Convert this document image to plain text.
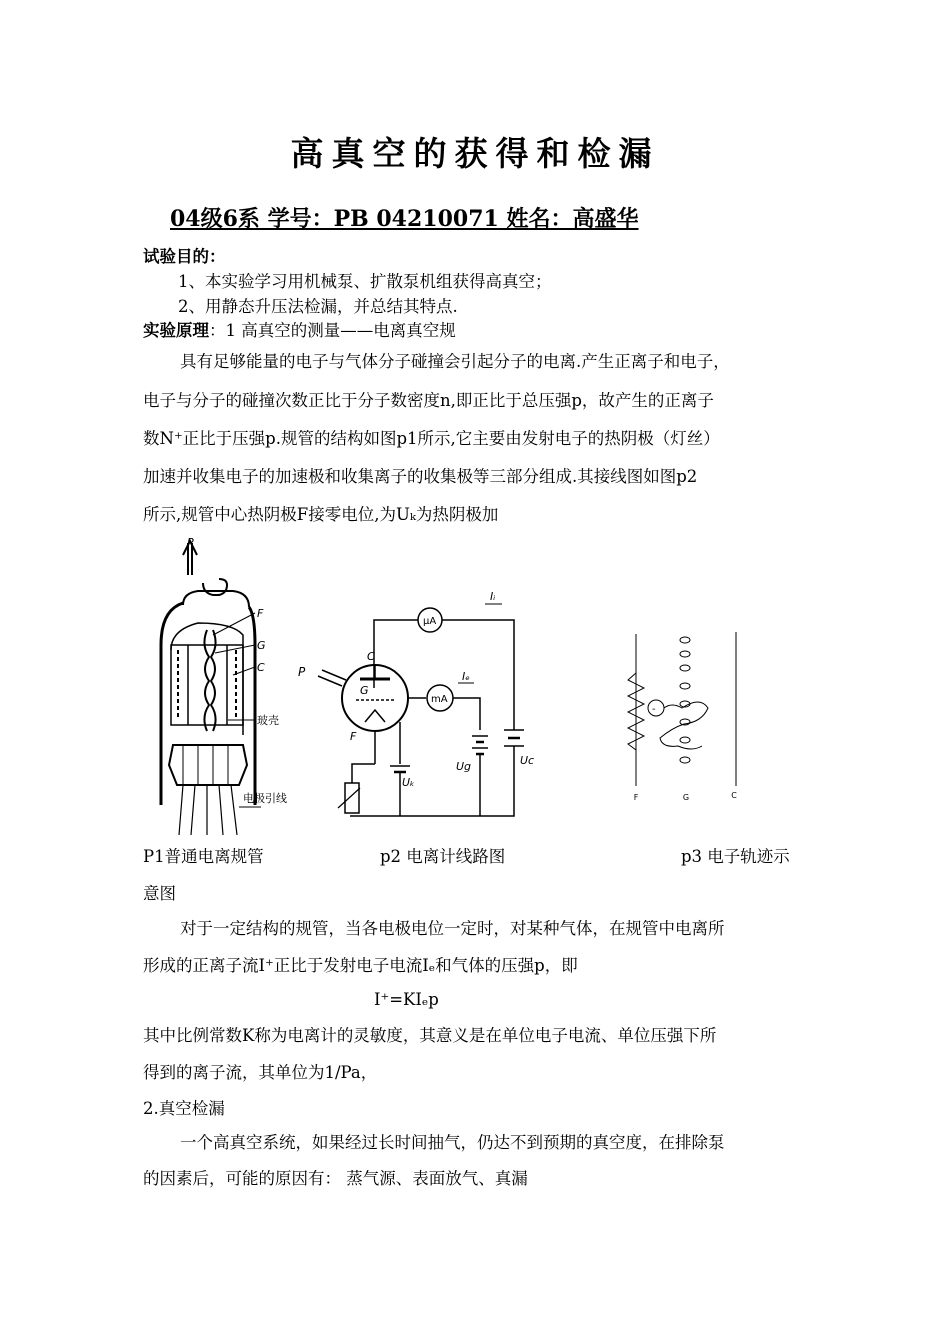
高真空的获得和检漏
04级6系 学号：PB 04210071 姓名：高盛华
试验目的：
1、本实验学习用机械泵、扩散泵机组获得高真空；
2、用静态升压法检漏，并总结其特点.
实验原理：1 高真空的测量——电离真空规
具有足够能量的电子与气体分子碰撞会引起分子的电离.产生正离子和电子，
电子与分子的碰撞次数正比于分子数密度n,即正比于总压强p，故产生的正离子
数N⁺正比于压强p.规管的结构如图p1所示,它主要由发射电子的热阴极（灯丝）
加速并收集电子的加速极和收集离子的收集极等三部分组成.其接线图如图p2
所示,规管中心热阴极F接零电位,为Uₖ为热阴极加
P
F
G
C
玻壳
电极引线
μA
mA
Iᵢ
Iₑ
P
C
G
F
Uₖ
Ug	Uc
-
F	G	C
P1普通电离规管	p2 电离计线路图	p3 电子轨迹示
意图
对于一定结构的规管，当各电极电位一定时，对某种气体，在规管中电离所
形成的正离子流I⁺正比于发射电子电流Iₑ和气体的压强p，即
I⁺=KIₑp
其中比例常数K称为电离计的灵敏度，其意义是在单位电子电流、单位压强下所
得到的离子流，其单位为1/Pa，
2.真空检漏
一个高真空系统，如果经过长时间抽气，仍达不到预期的真空度，在排除泵
的因素后，可能的原因有： 蒸气源、表面放气、真漏
